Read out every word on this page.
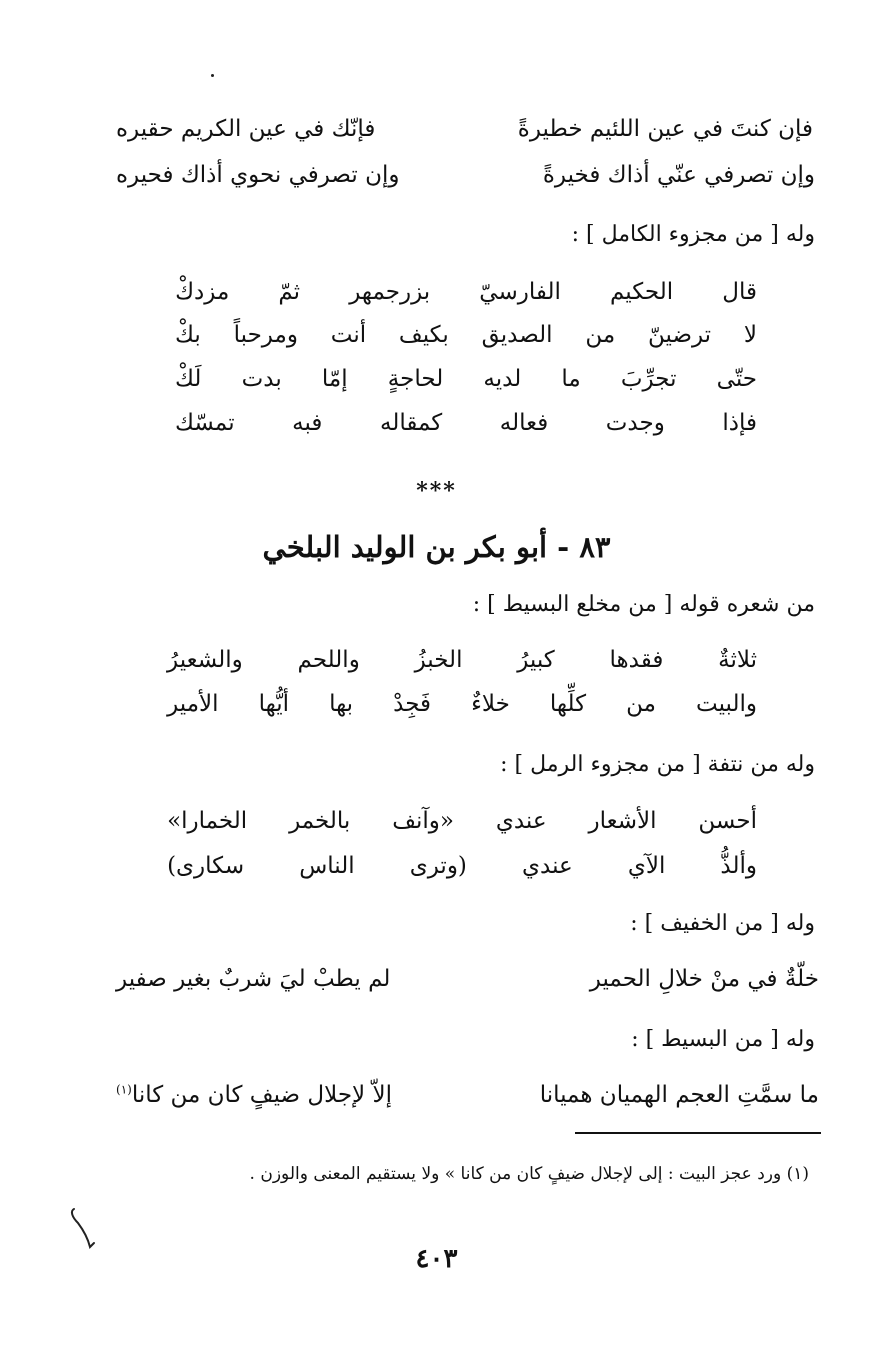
فإن كنتَ في عين اللئيم خطيرةً
فإنّك في عين الكريم حقيره
وإن تصرفي عنّي أذاك فخيرةً
وإن تصرفي نحوي أذاك فحيره
وله [ من مجزوء الكامل ] :
قال
الحكيم
الفارسيّ
بزرجمهر
ثمّ
مزدكْ
لا
ترضينّ
من
الصديق
بكيف
أنت
ومرحباً
بكْ
حتّى
تجرِّبَ
ما
لديه
لحاجةٍ
إمّا
بدت
لَكْ
فإذا
وجدت
فعاله
كمقاله
فبه
تمسّك
***
٨٣ - أبو بكر بن الوليد البلخي
من شعره قوله [ من مخلع البسيط ] :
ثلاثةٌ
فقدها
كبيرُ
الخبزُ
واللحم
والشعيرُ
والبيت
من
كلِّها
خلاءٌ
فَجِدْ
بها
أيُّها
الأمير
وله من نتفة [ من مجزوء الرمل ] :
أحسن
الأشعار
عندي
«وآنف
بالخمر
الخمارا»
وألذُّ
الآي
عندي
(وترى
الناس
سكارى)
وله [ من الخفيف ] :
خلّةٌ في منْ خلالِ الحمير
لم يطبْ ليَ شربٌ بغير صفير
وله [ من البسيط ] :
ما سمَّتِ العجم الهميان هميانا
إلاّ لإجلال ضيفٍ كان من كانا$^{(١)}$
(١) ورد عجز البيت : إلى لإجلال ضيفٍ كان من كانا » ولا يستقيم المعنى والوزن .
٤٠٣
